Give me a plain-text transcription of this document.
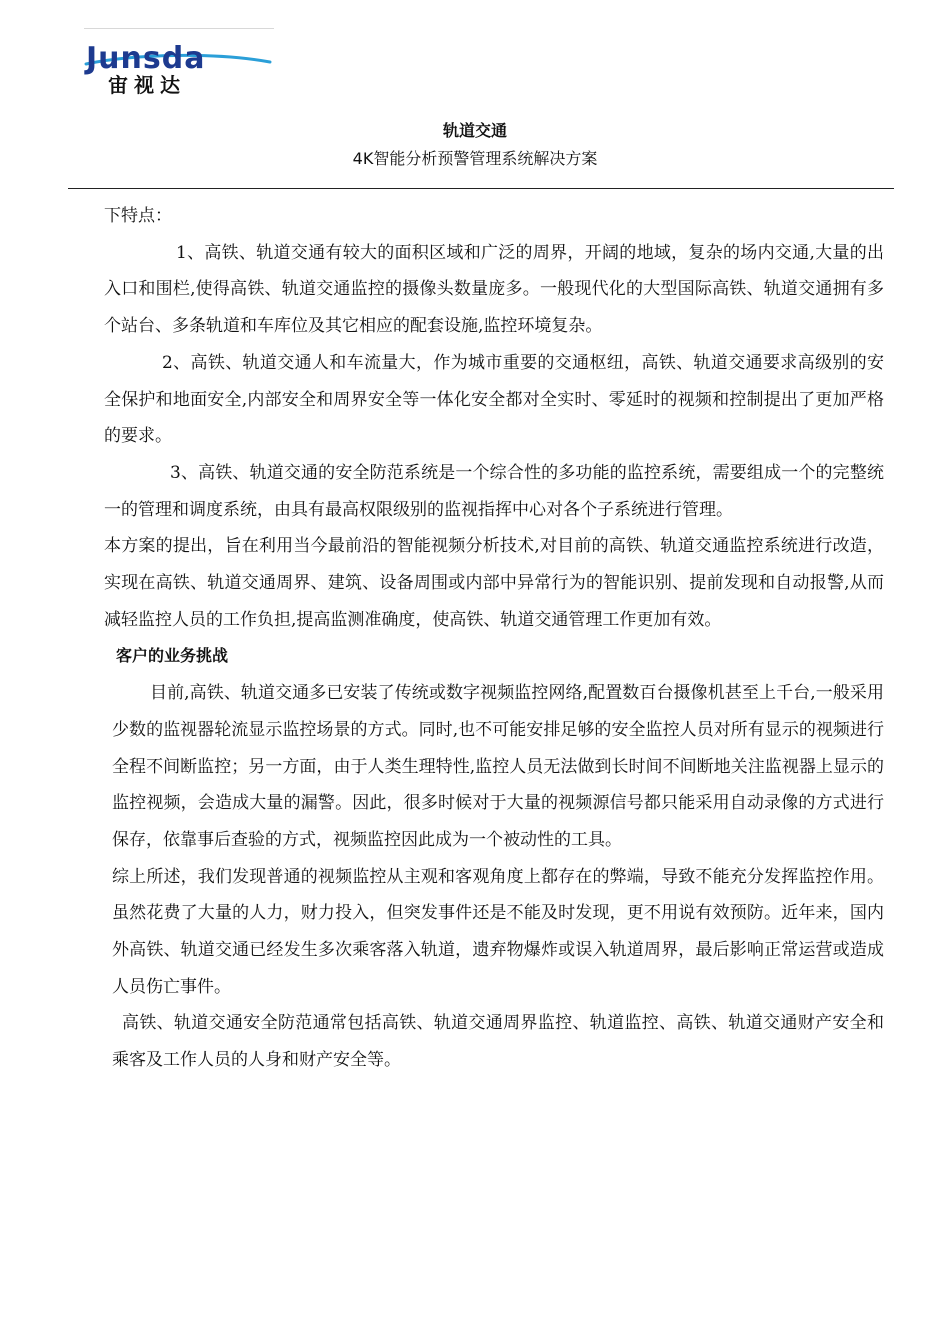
Junsda
宙视达
轨道交通
4K智能分析预警管理系统解决方案

下特点：

1、高铁、轨道交通有较大的面积区域和广泛的周界，开阔的地域，复杂的场内交通,大量的出入口和围栏,使得高铁、轨道交通监控的摄像头数量庞多。一般现代化的大型国际高铁、轨道交通拥有多个站台、多条轨道和车库位及其它相应的配套设施,监控环境复杂。

2、高铁、轨道交通人和车流量大，作为城市重要的交通枢纽，高铁、轨道交通要求高级别的安全保护和地面安全,内部安全和周界安全等一体化安全都对全实时、零延时的视频和控制提出了更加严格的要求。

3、高铁、轨道交通的安全防范系统是一个综合性的多功能的监控系统，需要组成一个的完整统一的管理和调度系统，由具有最高权限级别的监视指挥中心对各个子系统进行管理。

本方案的提出，旨在利用当今最前沿的智能视频分析技术,对目前的高铁、轨道交通监控系统进行改造，实现在高铁、轨道交通周界、建筑、设备周围或内部中异常行为的智能识别、提前发现和自动报警,从而减轻监控人员的工作负担,提高监测准确度，使高铁、轨道交通管理工作更加有效。

客户的业务挑战

目前,高铁、轨道交通多已安装了传统或数字视频监控网络,配置数百台摄像机甚至上千台,一般采用少数的监视器轮流显示监控场景的方式。同时,也不可能安排足够的安全监控人员对所有显示的视频进行全程不间断监控；另一方面，由于人类生理特性,监控人员无法做到长时间不间断地关注监视器上显示的监控视频，会造成大量的漏警。因此，很多时候对于大量的视频源信号都只能采用自动录像的方式进行保存，依靠事后查验的方式，视频监控因此成为一个被动性的工具。

综上所述，我们发现普通的视频监控从主观和客观角度上都存在的弊端，导致不能充分发挥监控作用。虽然花费了大量的人力，财力投入，但突发事件还是不能及时发现，更不用说有效预防。近年来，国内外高铁、轨道交通已经发生多次乘客落入轨道，遗弃物爆炸或误入轨道周界，最后影响正常运营或造成人员伤亡事件。

高铁、轨道交通安全防范通常包括高铁、轨道交通周界监控、轨道监控、高铁、轨道交通财产安全和乘客及工作人员的人身和财产安全等。
